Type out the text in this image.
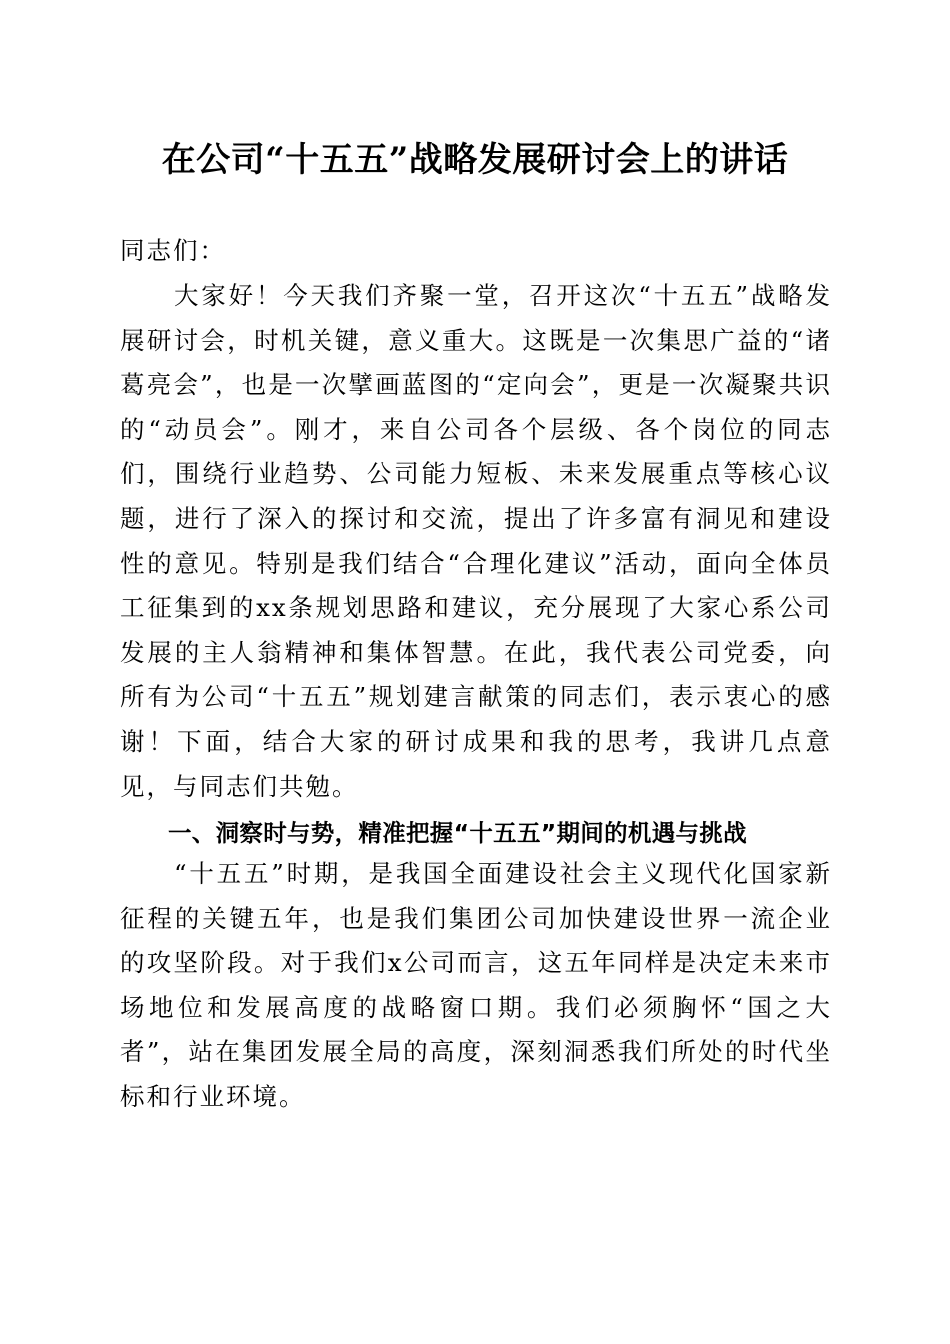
在公司“十五五”战略发展研讨会上的讲话

同志们：

大家好！今天我们齐聚一堂，召开这次“十五五”战略发展研讨会，时机关键，意义重大。这既是一次集思广益的“诸葛亮会”，也是一次擘画蓝图的“定向会”，更是一次凝聚共识的“动员会”。刚才，来自公司各个层级、各个岗位的同志们，围绕行业趋势、公司能力短板、未来发展重点等核心议题，进行了深入的探讨和交流，提出了许多富有洞见和建设性的意见。特别是我们结合“合理化建议”活动，面向全体员工征集到的xx条规划思路和建议，充分展现了大家心系公司发展的主人翁精神和集体智慧。在此，我代表公司党委，向所有为公司“十五五”规划建言献策的同志们，表示衷心的感谢！下面，结合大家的研讨成果和我的思考，我讲几点意见，与同志们共勉。

一、洞察时与势，精准把握“十五五”期间的机遇与挑战

“十五五”时期，是我国全面建设社会主义现代化国家新征程的关键五年，也是我们集团公司加快建设世界一流企业的攻坚阶段。对于我们x公司而言，这五年同样是决定未来市场地位和发展高度的战略窗口期。我们必须胸怀“国之大者”，站在集团发展全局的高度，深刻洞悉我们所处的时代坐标和行业环境。
